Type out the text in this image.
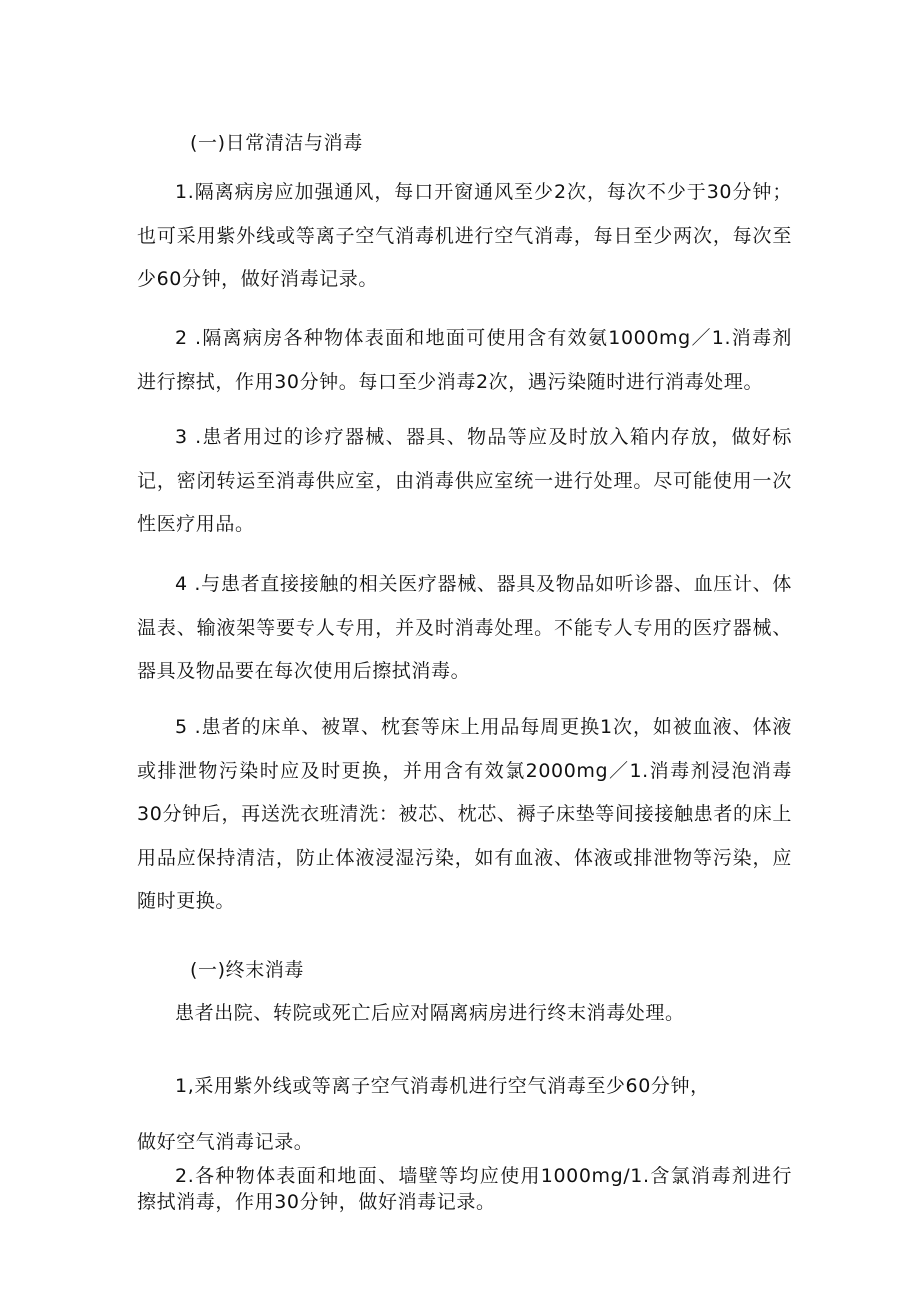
(一)日常清洁与消毒

1.隔离病房应加强通风，每口开窗通风至少2次，每次不少于30分钟；也可采用紫外线或等离子空气消毒机进行空气消毒，每日至少两次，每次至少60分钟，做好消毒记录。

2 .隔离病房各种物体表面和地面可使用含有效氨1000mg／1.消毒剂进行擦拭，作用30分钟。每口至少消毒2次，遇污染随时进行消毒处理。

3 .患者用过的诊疗器械、器具、物品等应及时放入箱内存放，做好标记，密闭转运至消毒供应室，由消毒供应室统一进行处理。尽可能使用一次性医疗用品。

4 .与患者直接接触的相关医疗器械、器具及物品如听诊器、血压计、体温表、输液架等要专人专用，并及时消毒处理。不能专人专用的医疗器械、器具及物品要在每次使用后擦拭消毒。

5 .患者的床单、被罩、枕套等床上用品每周更换1次，如被血液、体液或排泄物污染时应及时更换，并用含有效氯2000mg／1.消毒剂浸泡消毒30分钟后，再送洗衣班清洗：被芯、枕芯、褥子床垫等间接接触患者的床上用品应保持清洁，防止体液浸湿污染，如有血液、体液或排泄物等污染，应随时更换。

(一)终末消毒

患者出院、转院或死亡后应对隔离病房进行终末消毒处理。

1,采用紫外线或等离子空气消毒机进行空气消毒至少60分钟，

做好空气消毒记录。

2.各种物体表面和地面、墙壁等均应使用1000mg/1.含氯消毒剂进行擦拭消毒，作用30分钟，做好消毒记录。
